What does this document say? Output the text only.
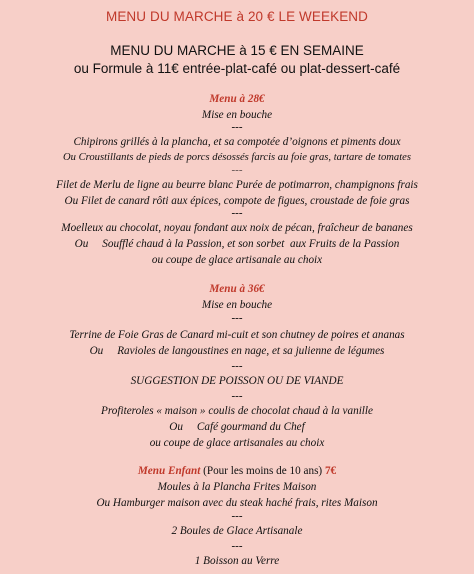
MENU DU MARCHE à 20 € LE WEEKEND
MENU DU MARCHE à 15 € EN SEMAINE
ou Formule à 11€ entrée-plat-café ou plat-dessert-café
Menu à 28€
Mise en bouche
---
Chipirons grillés à la plancha, et sa compotée d’oignons et piments doux
Ou Croustillants de pieds de porcs désossés farcis au foie gras, tartare de tomates
---
Filet de Merlu de ligne au beurre blanc Purée de potimarron, champignons frais
Ou Filet de canard rôti aux épices, compote de figues, croustade de foie gras
---
Moelleux au chocolat, noyau fondant aux noix de pécan, fraîcheur de bananes
Ou     Soufflé chaud à la Passion, et son sorbet  aux Fruits de la Passion
ou coupe de glace artisanale au choix
Menu à 36€
Mise en bouche
---
Terrine de Foie Gras de Canard mi-cuit et son chutney de poires et ananas
Ou     Ravioles de langoustines en nage, et sa julienne de légumes
---
SUGGESTION DE POISSON OU DE VIANDE
---
Profiteroles « maison » coulis de chocolat chaud à la vanille
Ou     Café gourmand du Chef
ou coupe de glace artisanales au choix
Menu Enfant (Pour les moins de 10 ans) 7€
Moules à la Plancha Frites Maison
Ou Hamburger maison avec du steak haché frais, rites Maison
---
2 Boules de Glace Artisanale
---
1 Boisson au Verre
